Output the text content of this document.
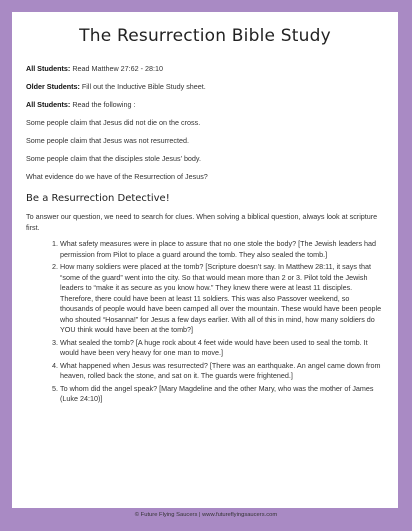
The Resurrection Bible Study
All Students: Read Matthew 27:62 - 28:10
Older Students: Fill out the Inductive Bible Study sheet.
All Students: Read the following :
Some people claim that Jesus did not die on the cross.
Some people claim that Jesus was not resurrected.
Some people claim that the disciples stole Jesus’ body.
What evidence do we have of the Resurrection of Jesus?
Be a Resurrection Detective!
To answer our question, we need to search for clues. When solving a biblical question, always look at scripture first.
1. What safety measures were in place to assure that no one stole the body? [The Jewish leaders had permission from Pilot to place a guard around the tomb. They also sealed the tomb.]
2. How many soldiers were placed at the tomb? [Scripture doesn’t say. In Matthew 28:11, it says that “some of the guard” went into the city. So that would mean more than 2 or 3. Pilot told the Jewish leaders to “make it as secure as you know how.” They knew there were at least 11 disciples. Therefore, there could have been at least 11 soldiers. This was also Passover weekend, so thousands of people would have been camped all over the mountain. These would have been people who shouted “Hosanna!” for Jesus a few days earlier. With all of this in mind, how many soldiers do YOU think would have been at the tomb?]
3. What sealed the tomb? [A huge rock about 4 feet wide would have been used to seal the tomb. It would have been very heavy for one man to move.]
4. What happened when Jesus was resurrected? [There was an earthquake. An angel came down from heaven, rolled back the stone, and sat on it. The guards were frightened.]
5. To whom did the angel speak? [Mary Magdeline and the other Mary, who was the mother of James (Luke 24:10)]
© Future Flying Saucers | www.futureflyingsaucers.com
